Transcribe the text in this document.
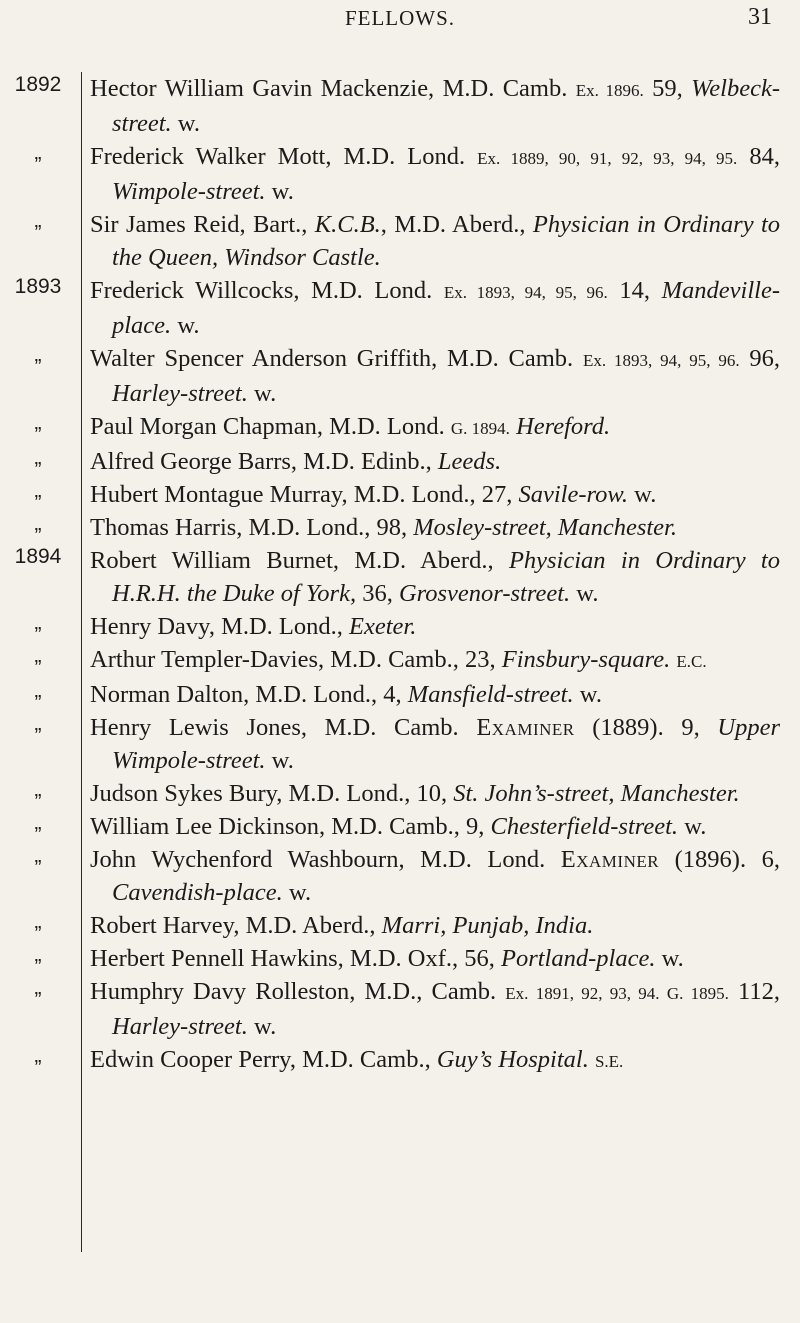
FELLOWS.	31
1892	Hector William Gavin Mackenzie, M.D. Camb. Ex. 1896. 59, Welbeck-street. w.
„	Frederick Walker Mott, M.D. Lond. Ex. 1889, 90, 91, 92, 93, 94, 95. 84, Wimpole-street. w.
„	Sir James Reid, Bart., K.C.B., M.D. Aberd., Physician in Ordinary to the Queen, Windsor Castle.
1893	Frederick Willcocks, M.D. Lond. Ex. 1893, 94, 95, 96. 14, Mandeville-place. w.
„	Walter Spencer Anderson Griffith, M.D. Camb. Ex. 1893, 94, 95, 96. 96, Harley-street. w.
„	Paul Morgan Chapman, M.D. Lond. G. 1894. Hereford.
„	Alfred George Barrs, M.D. Edinb., Leeds.
„	Hubert Montague Murray, M.D. Lond., 27, Savile-row. w.
„	Thomas Harris, M.D. Lond., 98, Mosley-street, Manchester.
1894	Robert William Burnet, M.D. Aberd., Physician in Ordinary to H.R.H. the Duke of York, 36, Grosvenor-street. w.
„	Henry Davy, M.D. Lond., Exeter.
„	Arthur Templer-Davies, M.D. Camb., 23, Finsbury-square. E.C.
„	Norman Dalton, M.D. Lond., 4, Mansfield-street. w.
„	Henry Lewis Jones, M.D. Camb. Examiner (1889). 9, Upper Wimpole-street. w.
„	Judson Sykes Bury, M.D. Lond., 10, St. John’s-street, Manchester.
„	William Lee Dickinson, M.D. Camb., 9, Chesterfield-street. w.
„	John Wychenford Washbourn, M.D. Lond. Examiner (1896). 6, Cavendish-place. w.
„	Robert Harvey, M.D. Aberd., Marri, Punjab, India.
„	Herbert Pennell Hawkins, M.D. Oxf., 56, Portland-place. w.
„	Humphry Davy Rolleston, M.D., Camb. Ex. 1891, 92, 93, 94. G. 1895. 112, Harley-street. w.
„	Edwin Cooper Perry, M.D. Camb., Guy’s Hospital. S.E.
